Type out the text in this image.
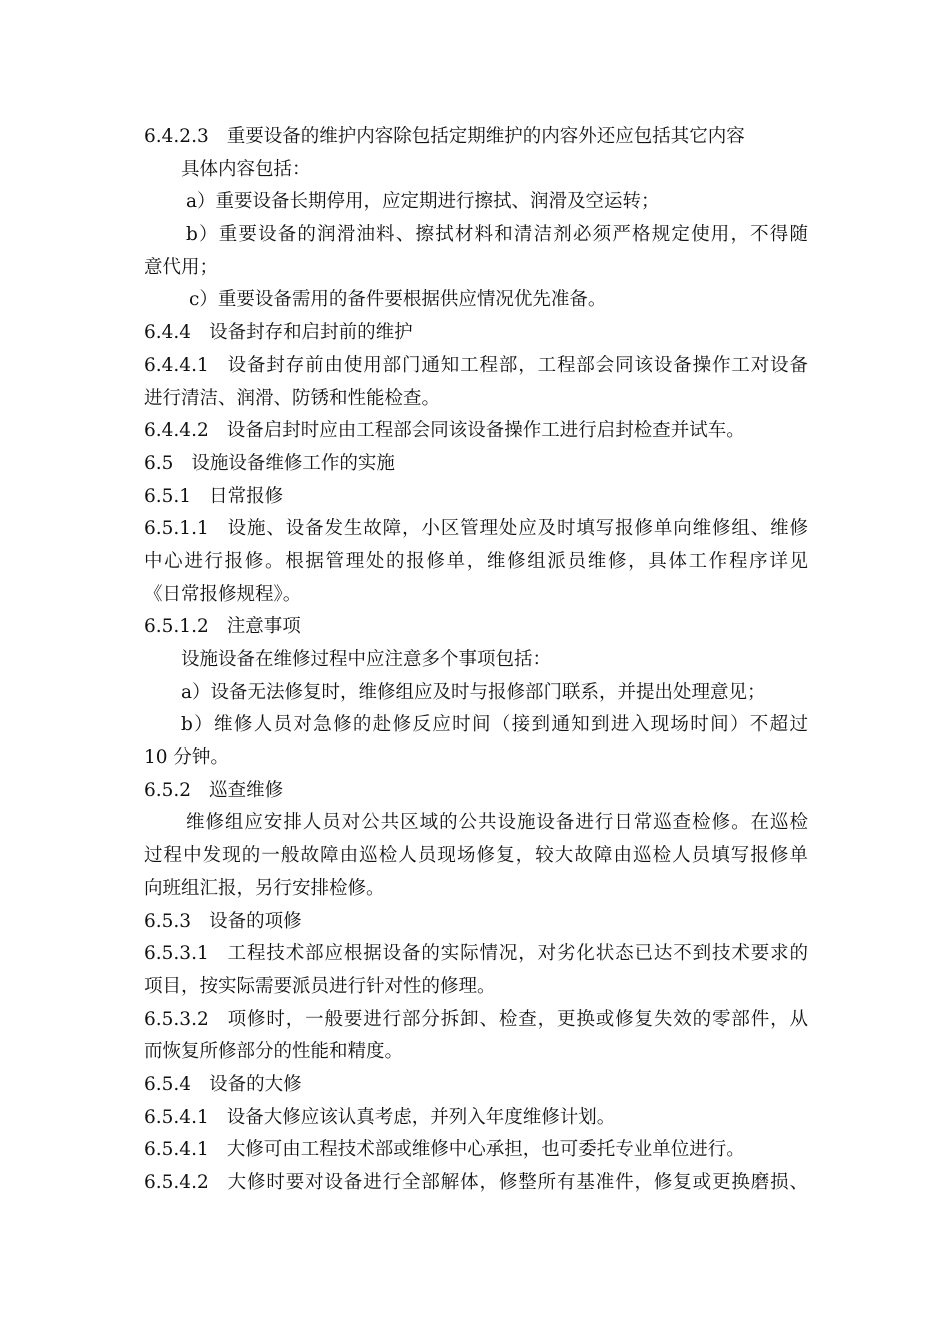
6.4.2.3 重要设备的维护内容除包括定期维护的内容外还应包括其它内容
具体内容包括：
a）重要设备长期停用，应定期进行擦拭、润滑及空运转；
b）重要设备的润滑油料、擦拭材料和清洁剂必须严格规定使用，不得随
意代用；
c）重要设备需用的备件要根据供应情况优先准备。
6.4.4 设备封存和启封前的维护
6.4.4.1 设备封存前由使用部门通知工程部，工程部会同该设备操作工对设备
进行清洁、润滑、防锈和性能检查。
6.4.4.2 设备启封时应由工程部会同该设备操作工进行启封检查并试车。
6.5 设施设备维修工作的实施
6.5.1 日常报修
6.5.1.1 设施、设备发生故障，小区管理处应及时填写报修单向维修组、维修
中心进行报修。根据管理处的报修单，维修组派员维修，具体工作程序详见
《日常报修规程》。
6.5.1.2 注意事项
设施设备在维修过程中应注意多个事项包括：
a）设备无法修复时，维修组应及时与报修部门联系，并提出处理意见；
b）维修人员对急修的赴修反应时间（接到通知到进入现场时间）不超过
10 分钟。
6.5.2 巡查维修
维修组应安排人员对公共区域的公共设施设备进行日常巡查检修。在巡检
过程中发现的一般故障由巡检人员现场修复，较大故障由巡检人员填写报修单
向班组汇报，另行安排检修。
6.5.3 设备的项修
6.5.3.1 工程技术部应根据设备的实际情况，对劣化状态已达不到技术要求的
项目，按实际需要派员进行针对性的修理。
6.5.3.2 项修时，一般要进行部分拆卸、检查，更换或修复失效的零部件，从
而恢复所修部分的性能和精度。
6.5.4 设备的大修
6.5.4.1 设备大修应该认真考虑，并列入年度维修计划。
6.5.4.1 大修可由工程技术部或维修中心承担，也可委托专业单位进行。
6.5.4.2 大修时要对设备进行全部解体，修整所有基准件，修复或更换磨损、
